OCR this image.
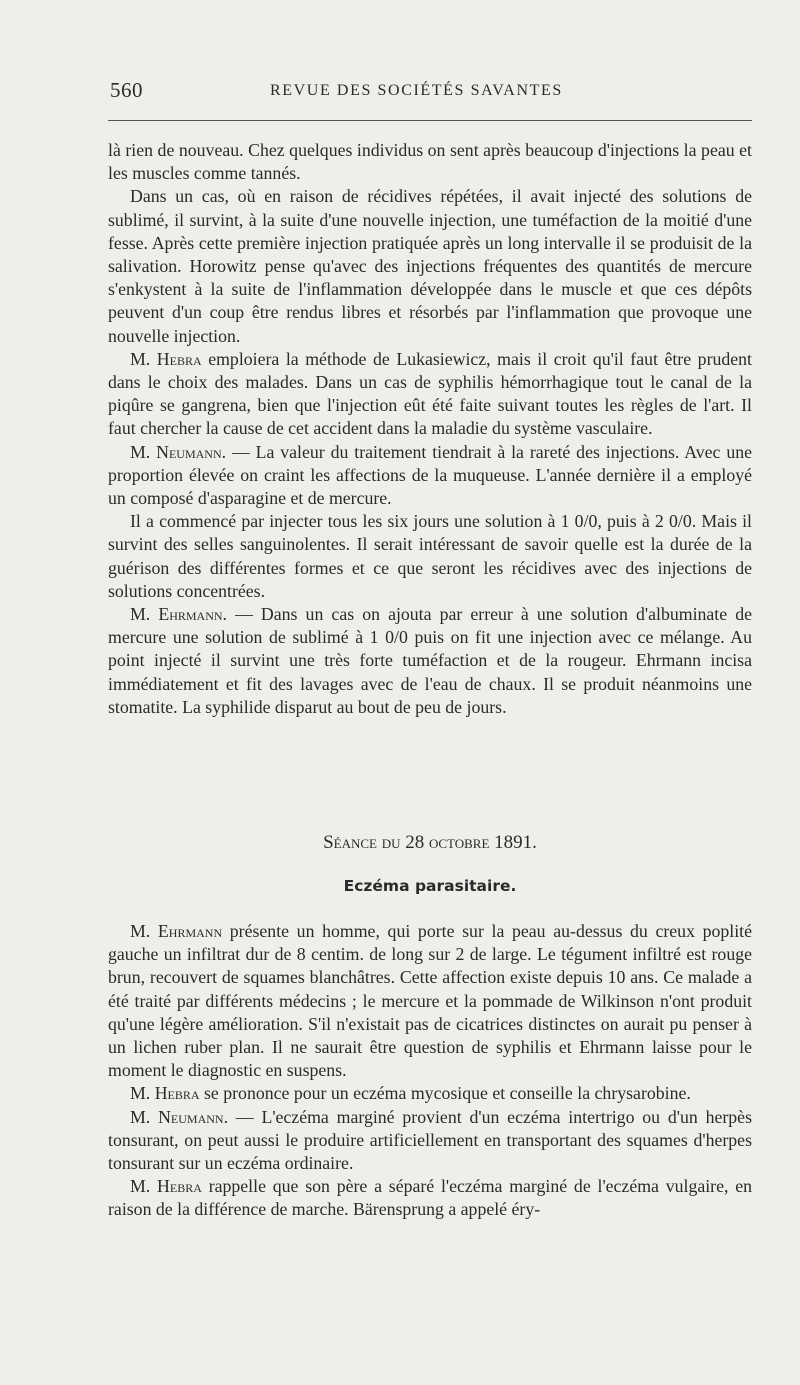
560	REVUE DES SOCIÉTÉS SAVANTES

là rien de nouveau. Chez quelques individus on sent après beaucoup d'injections la peau et les muscles comme tannés.

Dans un cas, où en raison de récidives répétées, il avait injecté des solutions de sublimé, il survint, à la suite d'une nouvelle injection, une tuméfaction de la moitié d'une fesse. Après cette première injection pratiquée après un long intervalle il se produisit de la salivation. Horowitz pense qu'avec des injections fréquentes des quantités de mercure s'enkystent à la suite de l'inflammation développée dans le muscle et que ces dépôts peuvent d'un coup être rendus libres et résorbés par l'inflammation que provoque une nouvelle injection.

M. Hebra emploiera la méthode de Lukasiewicz, mais il croit qu'il faut être prudent dans le choix des malades. Dans un cas de syphilis hémorrhagique tout le canal de la piqûre se gangrena, bien que l'injection eût été faite suivant toutes les règles de l'art. Il faut chercher la cause de cet accident dans la maladie du système vasculaire.

M. Neumann. — La valeur du traitement tiendrait à la rareté des injections. Avec une proportion élevée on craint les affections de la muqueuse. L'année dernière il a employé un composé d'asparagine et de mercure.

Il a commencé par injecter tous les six jours une solution à 1 0/0, puis à 2 0/0. Mais il survint des selles sanguinolentes. Il serait intéressant de savoir quelle est la durée de la guérison des différentes formes et ce que seront les récidives avec des injections de solutions concentrées.

M. Ehrmann. — Dans un cas on ajouta par erreur à une solution d'albuminate de mercure une solution de sublimé à 1 0/0 puis on fit une injection avec ce mélange. Au point injecté il survint une très forte tuméfaction et de la rougeur. Ehrmann incisa immédiatement et fit des lavages avec de l'eau de chaux. Il se produit néanmoins une stomatite. La syphilide disparut au bout de peu de jours.

Séance du 28 octobre 1891.
Eczéma parasitaire.

M. Ehrmann présente un homme, qui porte sur la peau au-dessus du creux poplité gauche un infiltrat dur de 8 centim. de long sur 2 de large. Le tégument infiltré est rouge brun, recouvert de squames blanchâtres. Cette affection existe depuis 10 ans. Ce malade a été traité par différents médecins ; le mercure et la pommade de Wilkinson n'ont produit qu'une légère amélioration. S'il n'existait pas de cicatrices distinctes on aurait pu penser à un lichen ruber plan. Il ne saurait être question de syphilis et Ehrmann laisse pour le moment le diagnostic en suspens.

M. Hebra se prononce pour un eczéma mycosique et conseille la chrysarobine.

M. Neumann. — L'eczéma marginé provient d'un eczéma intertrigo ou d'un herpès tonsurant, on peut aussi le produire artificiellement en transportant des squames d'herpes tonsurant sur un eczéma ordinaire.

M. Hebra rappelle que son père a séparé l'eczéma marginé de l'eczéma vulgaire, en raison de la différence de marche. Bärensprung a appelé éry-
